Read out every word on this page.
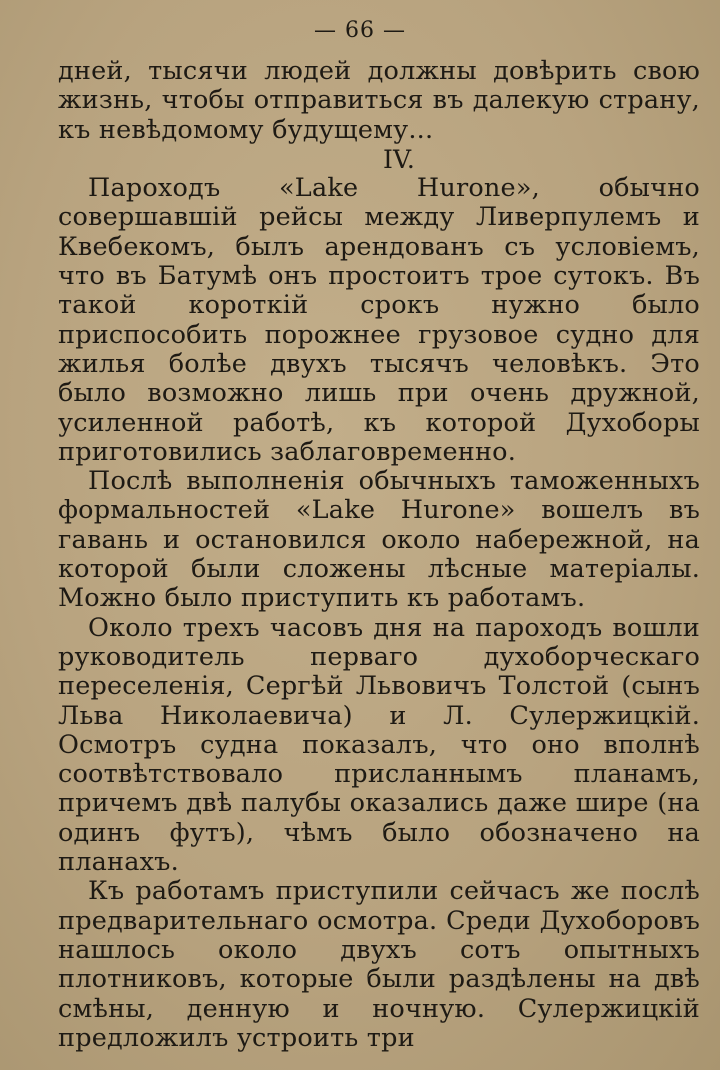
— 66 —

дней, тысячи людей должны довѣрить свою жизнь, чтобы отправиться въ далекую страну, къ невѣдомому будущему...

IV.

Пароходъ «Lake Hurone», обычно совершавшій рейсы между Ливерпулемъ и Квебекомъ, былъ арендованъ съ условіемъ, что въ Батумѣ онъ простоитъ трое сутокъ. Въ такой короткій срокъ нужно было приспособить порожнее грузовое судно для жилья болѣе двухъ тысячъ человѣкъ. Это было возможно лишь при очень дружной, усиленной работѣ, къ которой Духоборы приготовились заблаговременно.

Послѣ выполненія обычныхъ таможенныхъ формальностей «Lake Hurone» вошелъ въ гавань и остановился около набережной, на которой были сложены лѣсные матеріалы. Можно было приступить къ работамъ.

Около трехъ часовъ дня на пароходъ вошли руководитель перваго духоборческаго переселенія, Сергѣй Львовичъ Толстой (сынъ Льва Николаевича) и Л. Сулержицкій. Осмотръ судна показалъ, что оно вполнѣ соотвѣтствовало присланнымъ планамъ, причемъ двѣ палубы оказались даже шире (на одинъ футъ), чѣмъ было обозначено на планахъ.

Къ работамъ приступили сейчасъ же послѣ предварительнаго осмотра. Среди Духоборовъ нашлось около двухъ сотъ опытныхъ плотниковъ, которые были раздѣлены на двѣ смѣны, денную и ночную. Сулержицкій предложилъ устроить три
